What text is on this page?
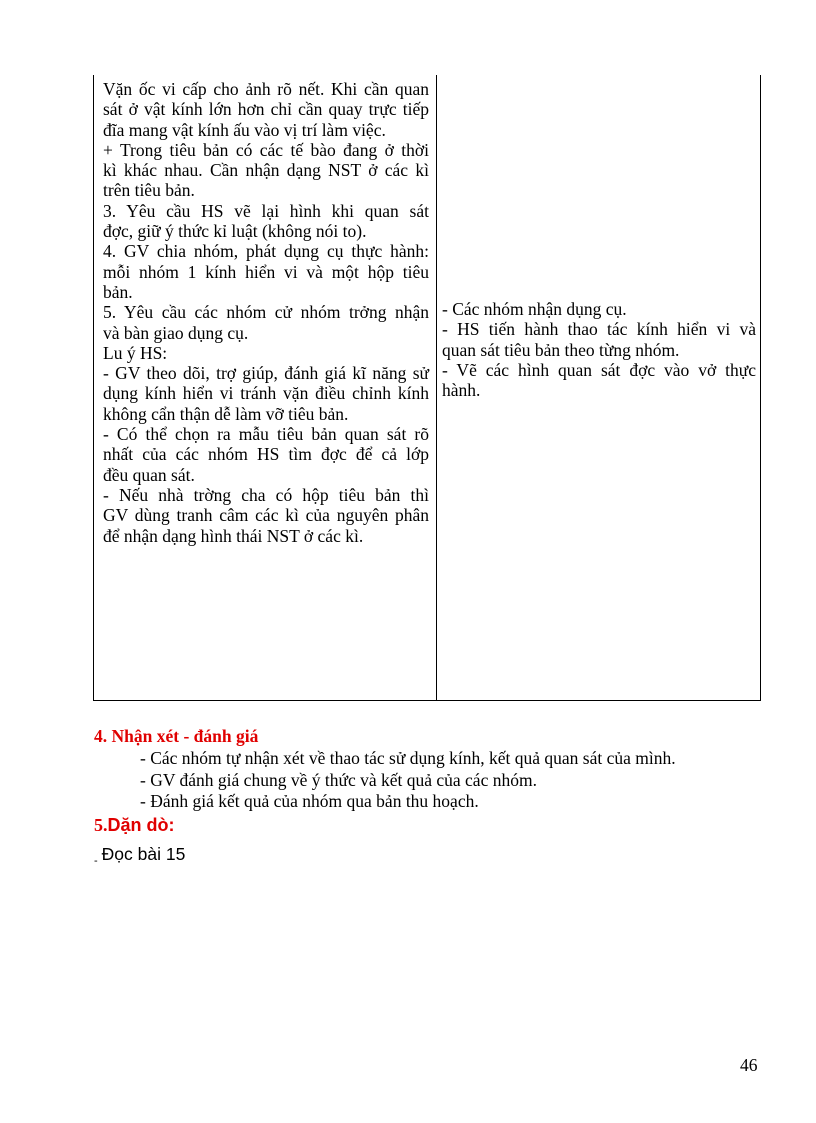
Vặn ốc vi cấp cho ảnh rõ nết. Khi cần quan
sát ở vật kính lớn hơn chỉ cần quay trực tiếp
đĩa mang vật kính ấu vào vị trí làm việc.
+ Trong tiêu bản có các tế bào đang ở thời
kì khác nhau. Cần nhận dạng NST ở các kì
trên tiêu bản.
3. Yêu cầu HS vẽ lại hình khi quan sát
đợc, giữ ý thức kỉ luật (không nói to).
4. GV chia nhóm, phát dụng cụ thực hành:
mỗi nhóm 1 kính hiển vi và một hộp tiêu
bản.
5. Yêu cầu các nhóm cử nhóm trởng nhận
và bàn giao dụng cụ.
Lu ý HS:
- GV theo dõi, trợ giúp, đánh giá kĩ năng sử
dụng kính hiển vi tránh vặn điều chỉnh kính
không cẩn thận dễ làm vỡ tiêu bản.
- Có thể chọn ra mẫu tiêu bản quan sát rõ
nhất của các nhóm HS tìm đợc để cả lớp
đều quan sát.
- Nếu nhà trờng cha có hộp tiêu bản thì
GV dùng tranh câm các kì của nguyên phân
để nhận dạng hình thái NST ở các kì.
- Các nhóm nhận dụng cụ.
- HS tiến hành thao tác kính hiển vi và
quan sát tiêu bản theo từng nhóm.
- Vẽ các hình quan sát đợc vào vở thực
hành.
4. Nhận xét - đánh giá
- Các nhóm tự nhận xét về thao tác sử dụng kính, kết quả quan sát của mình.
- GV đánh giá chung về ý thức và kết quả của các nhóm.
- Đánh giá kết quả của nhóm qua bản thu hoạch.
5.Dặn dò:
$_-$ Đọc bài 15
46
